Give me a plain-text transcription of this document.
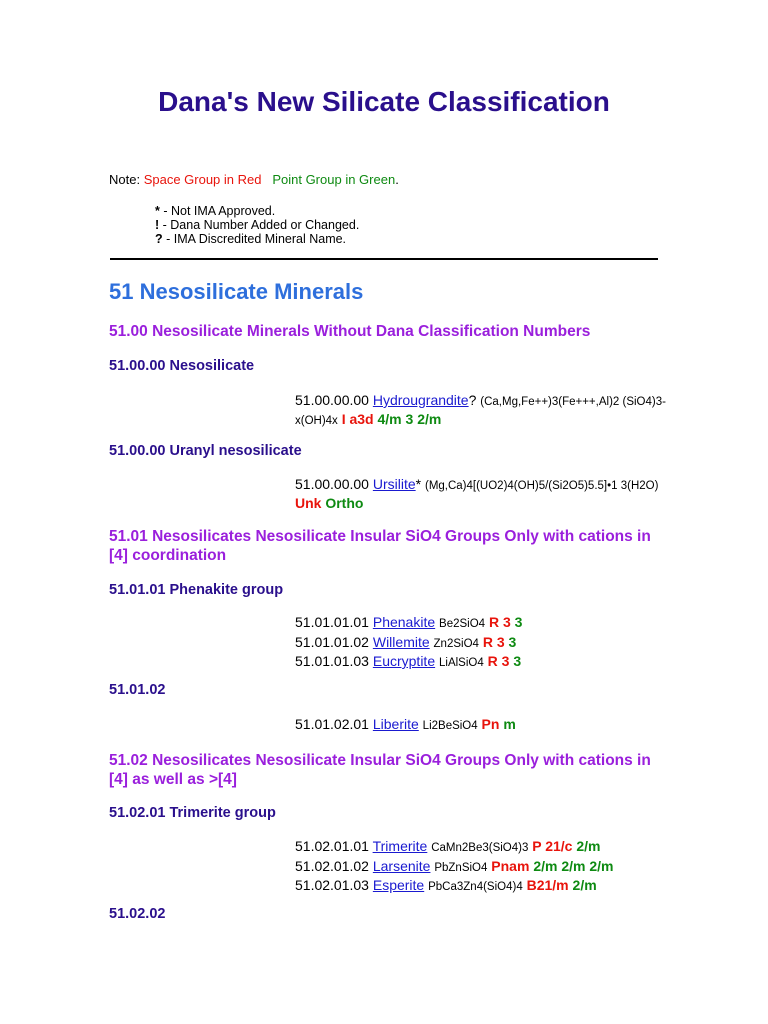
Dana's New Silicate Classification
Note: Space Group in Red Point Group in Green.
* - Not IMA Approved.
! - Dana Number Added or Changed.
? - IMA Discredited Mineral Name.
51 Nesosilicate Minerals
51.00 Nesosilicate Minerals Without Dana Classification Numbers
51.00.00 Nesosilicate
51.00.00.00 Hydrougrandite? (Ca,Mg,Fe++)3(Fe+++,Al)2 (SiO4)3-x(OH)4x I a3d 4/m 3 2/m
51.00.00 Uranyl nesosilicate
51.00.00.00 Ursilite* (Mg,Ca)4[(UO2)4(OH)5/(Si2O5)5.5]•1 3(H2O) Unk Ortho
51.01 Nesosilicates Nesosilicate Insular SiO4 Groups Only with cations in [4] coordination
51.01.01 Phenakite group
51.01.01.01 Phenakite Be2SiO4 R 3 3
51.01.01.02 Willemite Zn2SiO4 R 3 3
51.01.01.03 Eucryptite LiAlSiO4 R 3 3
51.01.02
51.01.02.01 Liberite Li2BeSiO4 Pn m
51.02 Nesosilicates Nesosilicate Insular SiO4 Groups Only with cations in [4] as well as >[4]
51.02.01 Trimerite group
51.02.01.01 Trimerite CaMn2Be3(SiO4)3 P 21/c 2/m
51.02.01.02 Larsenite PbZnSiO4 Pnam 2/m 2/m 2/m
51.02.01.03 Esperite PbCa3Zn4(SiO4)4 B21/m 2/m
51.02.02
